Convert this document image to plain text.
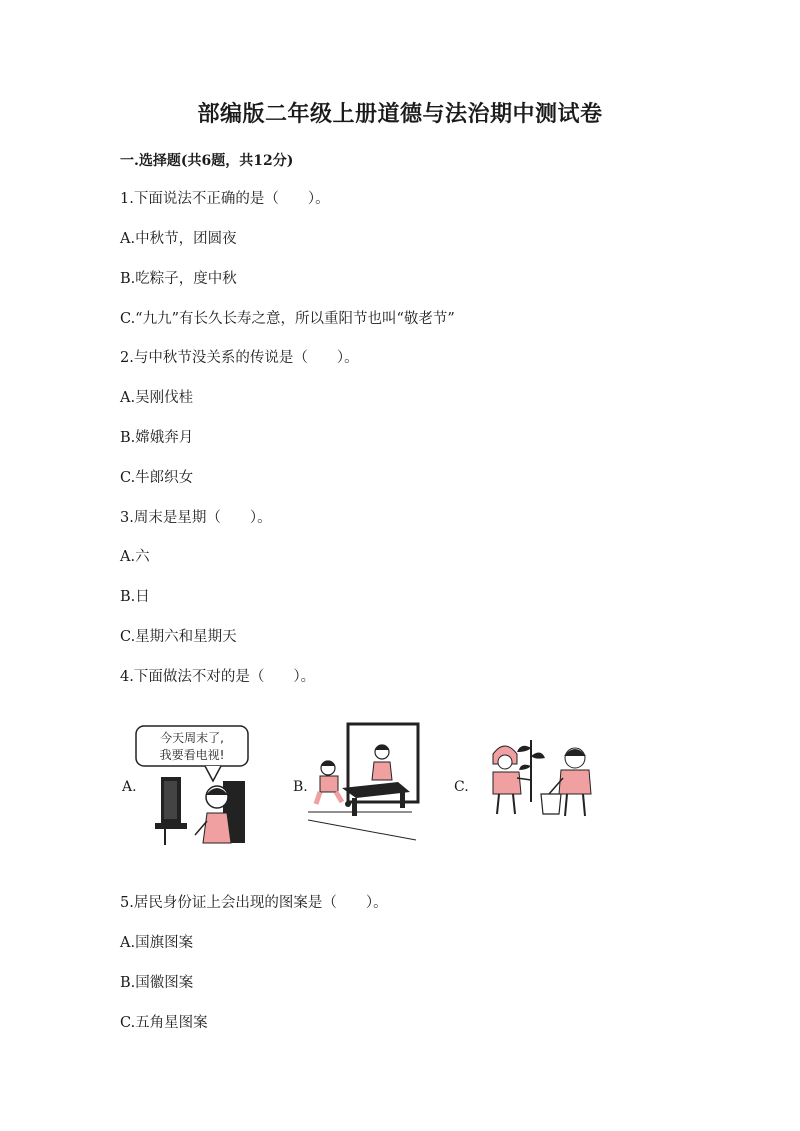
部编版二年级上册道德与法治期中测试卷
一.选择题(共6题，共12分)
1.下面说法不正确的是（　　）。
A.中秋节，团圆夜
B.吃粽子，度中秋
C.“九九”有长久长寿之意，所以重阳节也叫“敬老节”
2.与中秋节没关系的传说是（　　）。
A.吴刚伐桂
B.嫦娥奔月
C.牛郎织女
3.周末是星期（　　）。
A.六
B.日
C.星期六和星期天
4.下面做法不对的是（　　）。
A.	B.	C.
今天周末了,
我要看电视!
5.居民身份证上会出现的图案是（　　）。
A.国旗图案
B.国徽图案
C.五角星图案
